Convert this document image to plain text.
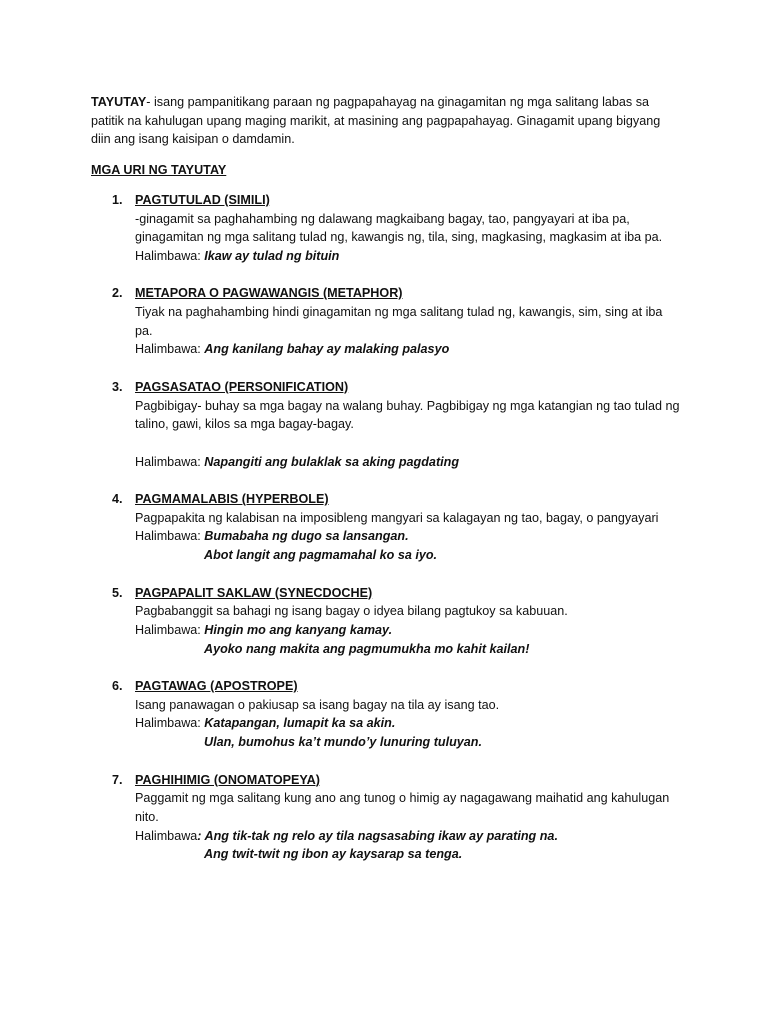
TAYUTAY- isang pampanitikang paraan ng pagpapahayag na ginagamitan ng mga salitang labas sa patitik na kahulugan upang maging marikit, at masining ang pagpapahayag. Ginagamit upang bigyang diin ang isang kaisipan o damdamin.

MGA URI NG TAYUTAY
1. PAGTUTULAD (SIMILI)
-ginagamit sa paghahambing ng dalawang magkaibang bagay, tao, pangyayari at iba pa, ginagamitan ng mga salitang tulad ng, kawangis ng, tila, sing, magkasing, magkasim at iba pa.
Halimbawa: Ikaw ay tulad ng bituin
2. METAPORA O PAGWAWANGIS (METAPHOR)
Tiyak na paghahambing hindi ginagamitan ng mga salitang tulad ng, kawangis, sim, sing at iba pa.
Halimbawa: Ang kanilang bahay ay malaking palasyo
3. PAGSASATAO (PERSONIFICATION)
Pagbibigay- buhay sa mga bagay na walang buhay. Pagbibigay ng mga katangian ng tao tulad ng talino, gawi, kilos sa mga bagay-bagay.
Halimbawa: Napangiti ang bulaklak sa aking pagdating
4. PAGMAMALABIS (HYPERBOLE)
Pagpapakita ng kalabisan na imposibleng mangyari sa kalagayan ng tao, bagay, o pangyayari
Halimbawa: Bumabaha ng dugo sa lansangan.
Abot langit ang pagmamahal ko sa iyo.
5. PAGPAPALIT SAKLAW (SYNECDOCHE)
Pagbabanggit sa bahagi ng isang bagay o idyea bilang pagtukoy sa kabuuan.
Halimbawa: Hingin mo ang kanyang kamay.
Ayoko nang makita ang pagmumukha mo kahit kailan!
6. PAGTAWAG (APOSTROPE)
Isang panawagan o pakiusap sa isang bagay na tila ay isang tao.
Halimbawa: Katapangan, lumapit ka sa akin.
Ulan, bumohus ka’t mundo’y lunuring tuluyan.
7. PAGHIHIMIG (ONOMATOPEYA)
Paggamit ng mga salitang kung ano ang tunog o himig ay nagagawang maihatid ang kahulugan nito.
Halimbawa: Ang tik-tak ng relo ay tila nagsasabing ikaw ay parating na.
Ang twit-twit ng ibon ay kaysarap sa tenga.
